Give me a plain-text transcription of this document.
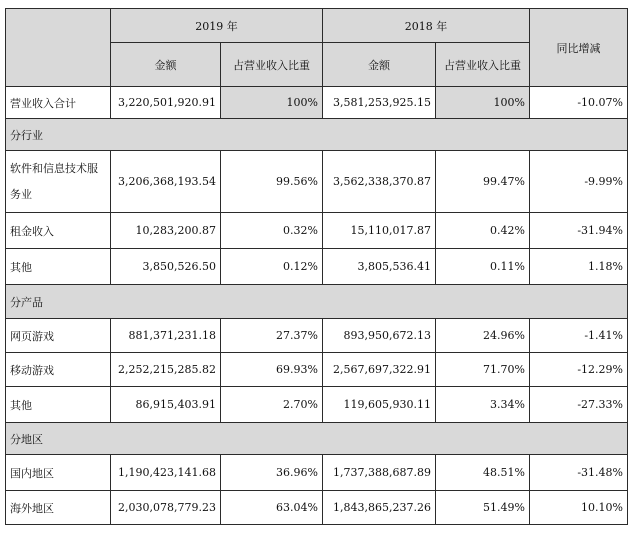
	2019 年		2018 年		同比增减
	金额	占营业收入比重	金额	占营业收入比重	
营业收入合计	3,220,501,920.91	100%	3,581,253,925.15	100%	-10.07%
分行业					
软件和信息技术服务业	3,206,368,193.54	99.56%	3,562,338,370.87	99.47%	-9.99%
租金收入	10,283,200.87	0.32%	15,110,017.87	0.42%	-31.94%
其他	3,850,526.50	0.12%	3,805,536.41	0.11%	1.18%
分产品					
网页游戏	881,371,231.18	27.37%	893,950,672.13	24.96%	-1.41%
移动游戏	2,252,215,285.82	69.93%	2,567,697,322.91	71.70%	-12.29%
其他	86,915,403.91	2.70%	119,605,930.11	3.34%	-27.33%
分地区					
国内地区	1,190,423,141.68	36.96%	1,737,388,687.89	48.51%	-31.48%
海外地区	2,030,078,779.23	63.04%	1,843,865,237.26	51.49%	10.10%
